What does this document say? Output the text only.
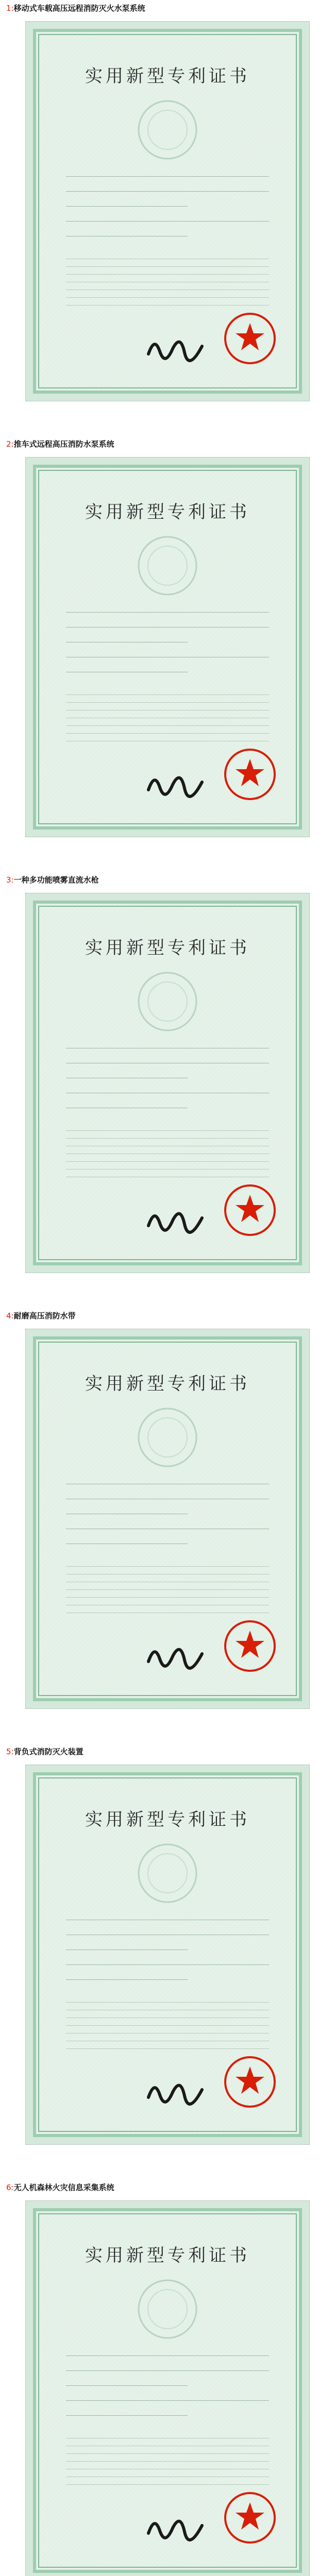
1:移动式车载高压远程消防灭火水泵系统
实用新型专利证书
2:推车式远程高压消防水泵系统
实用新型专利证书
3:一种多功能喷雾直流水枪
实用新型专利证书
4:耐磨高压消防水带
实用新型专利证书
5:背负式消防灭火装置
实用新型专利证书
6:无人机森林火灾信息采集系统
实用新型专利证书
